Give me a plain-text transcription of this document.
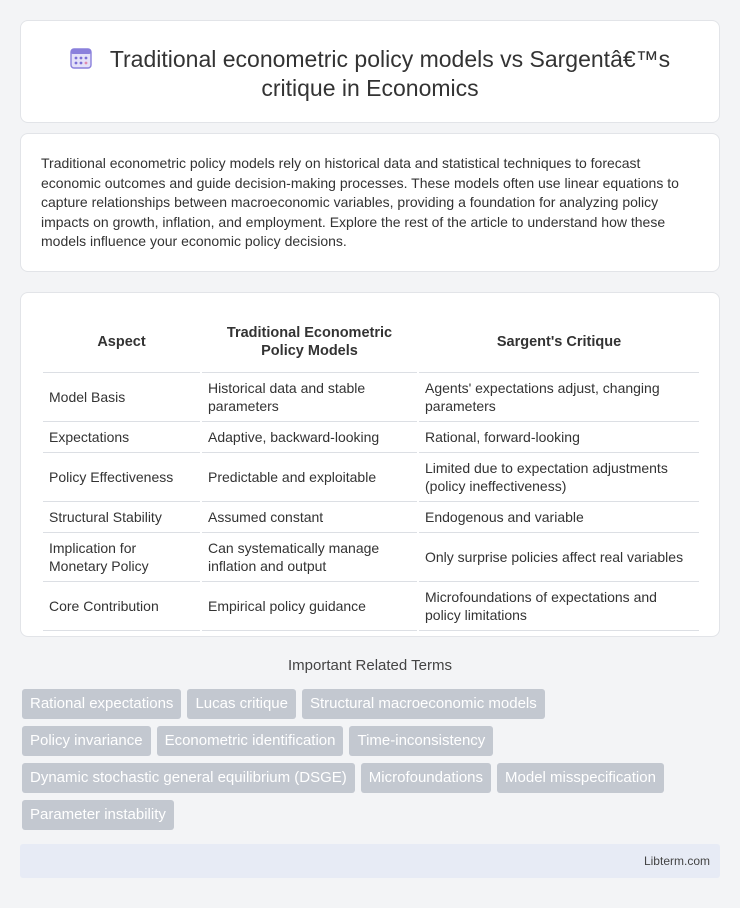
Traditional econometric policy models vs Sargentâ€™s
critique in Economics

Traditional econometric policy models rely on historical data and statistical techniques to forecast economic outcomes and guide decision-making processes. These models often use linear equations to capture relationships between macroeconomic variables, providing a foundation for analyzing policy impacts on growth, inflation, and employment. Explore the rest of the article to understand how these models influence your economic policy decisions.

Aspect	Traditional Econometric Policy Models	Sargent's Critique
Model Basis	Historical data and stable parameters	Agents' expectations adjust, changing parameters
Expectations	Adaptive, backward-looking	Rational, forward-looking
Policy Effectiveness	Predictable and exploitable	Limited due to expectation adjustments (policy ineffectiveness)
Structural Stability	Assumed constant	Endogenous and variable
Implication for Monetary Policy	Can systematically manage inflation and output	Only surprise policies affect real variables
Core Contribution	Empirical policy guidance	Microfoundations of expectations and policy limitations
Important Related Terms
Rational expectations	Lucas critique	Structural macroeconomic models
Policy invariance	Econometric identification	Time-inconsistency
Dynamic stochastic general equilibrium (DSGE)	Microfoundations	Model misspecification
Parameter instability
Libterm.com
